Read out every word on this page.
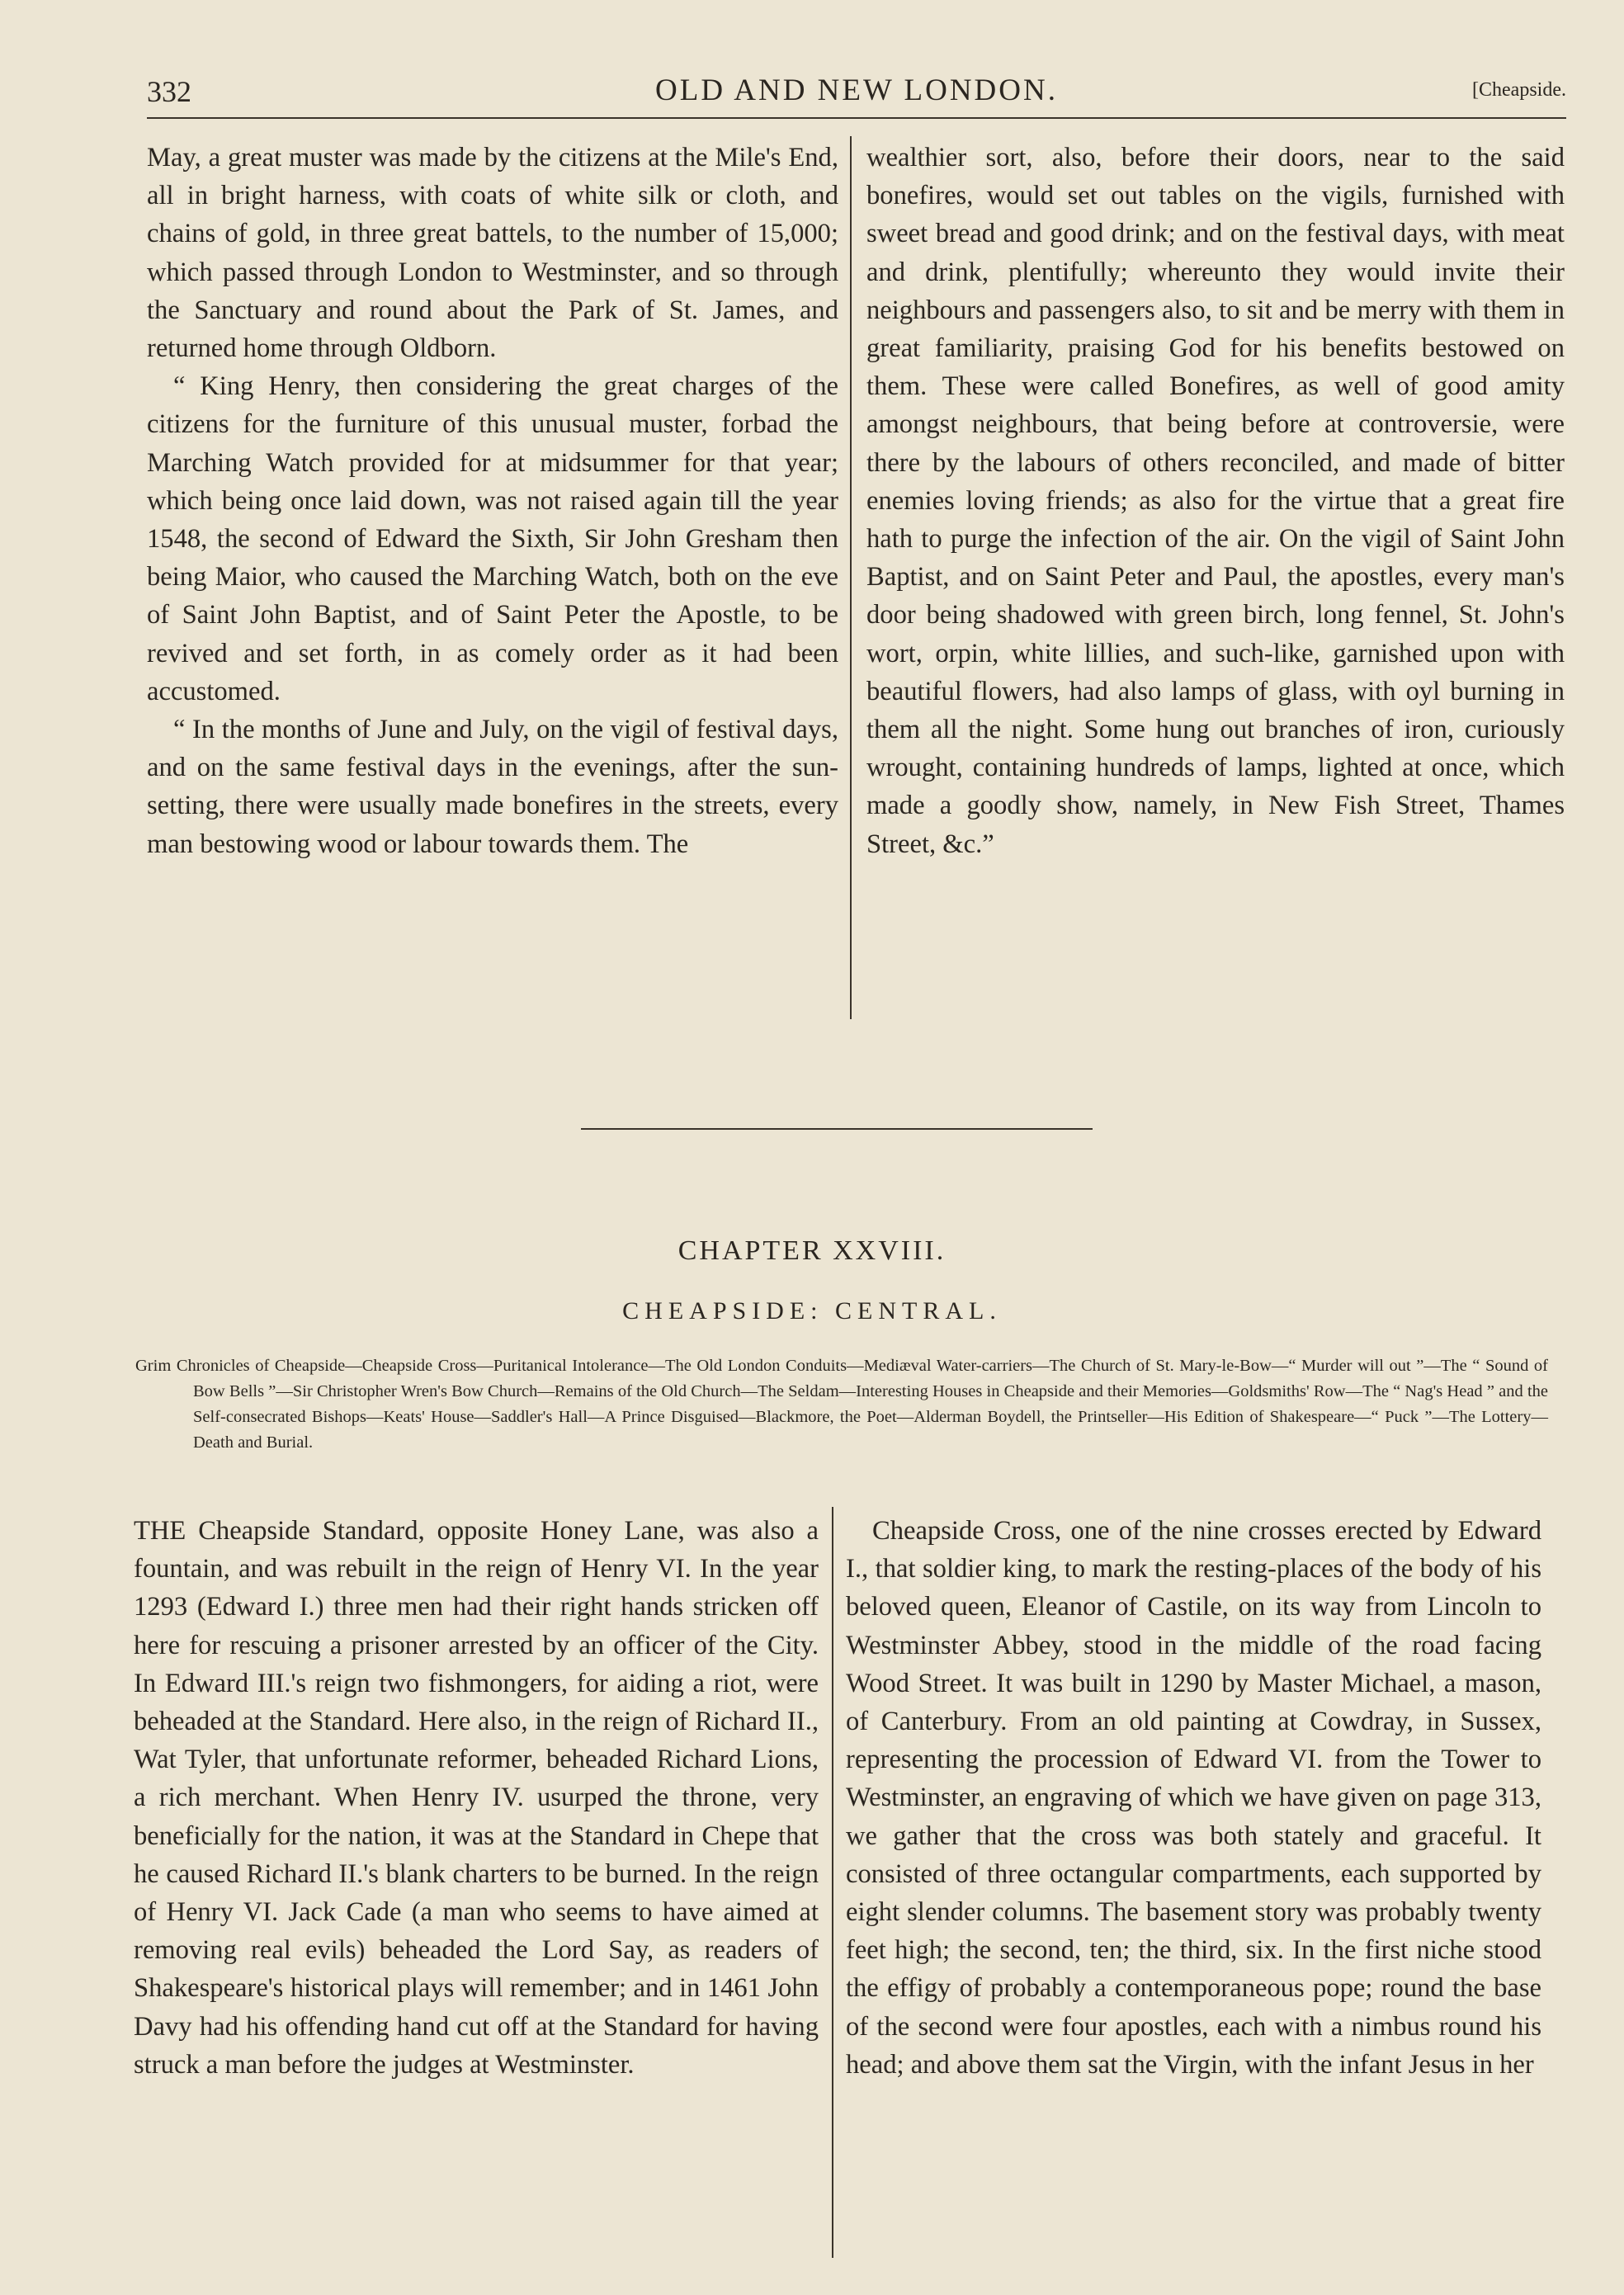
332	OLD AND NEW LONDON.	[Cheapside.

May, a great muster was made by the citizens at the Mile's End, all in bright harness, with coats of white silk or cloth, and chains of gold, in three great battels, to the number of 15,000; which passed through London to Westminster, and so through the Sanctuary and round about the Park of St. James, and returned home through Oldborn.

“ King Henry, then considering the great charges of the citizens for the furniture of this unusual muster, forbad the Marching Watch provided for at midsummer for that year; which being once laid down, was not raised again till the year 1548, the second of Edward the Sixth, Sir John Gresham then being Maior, who caused the Marching Watch, both on the eve of Saint John Baptist, and of Saint Peter the Apostle, to be revived and set forth, in as comely order as it had been accustomed.

“ In the months of June and July, on the vigil of festival days, and on the same festival days in the evenings, after the sun-setting, there were usually made bonefires in the streets, every man bestowing wood or labour towards them. The

wealthier sort, also, before their doors, near to the said bonefires, would set out tables on the vigils, furnished with sweet bread and good drink; and on the festival days, with meat and drink, plentifully; whereunto they would invite their neighbours and passengers also, to sit and be merry with them in great familiarity, praising God for his benefits bestowed on them. These were called Bonefires, as well of good amity amongst neighbours, that being before at controversie, were there by the labours of others reconciled, and made of bitter enemies loving friends; as also for the virtue that a great fire hath to purge the infection of the air. On the vigil of Saint John Baptist, and on Saint Peter and Paul, the apostles, every man's door being shadowed with green birch, long fennel, St. John's wort, orpin, white lillies, and such-like, garnished upon with beautiful flowers, had also lamps of glass, with oyl burning in them all the night. Some hung out branches of iron, curiously wrought, containing hundreds of lamps, lighted at once, which made a goodly show, namely, in New Fish Street, Thames Street, &c.”

CHAPTER XXVIII.
CHEAPSIDE: CENTRAL.

Grim Chronicles of Cheapside—Cheapside Cross—Puritanical Intolerance—The Old London Conduits—Mediæval Water-carriers—The Church of St. Mary-le-Bow—“ Murder will out ”—The “ Sound of Bow Bells ”—Sir Christopher Wren's Bow Church—Remains of the Old Church—The Seldam—Interesting Houses in Cheapside and their Memories—Goldsmiths' Row—The “ Nag's Head ” and the Self-consecrated Bishops—Keats' House—Saddler's Hall—A Prince Disguised—Blackmore, the Poet—Alderman Boydell, the Printseller—His Edition of Shakespeare—“ Puck ”—The Lottery—Death and Burial.

THE Cheapside Standard, opposite Honey Lane, was also a fountain, and was rebuilt in the reign of Henry VI. In the year 1293 (Edward I.) three men had their right hands stricken off here for rescuing a prisoner arrested by an officer of the City. In Edward III.'s reign two fishmongers, for aiding a riot, were beheaded at the Standard. Here also, in the reign of Richard II., Wat Tyler, that unfortunate reformer, beheaded Richard Lions, a rich merchant. When Henry IV. usurped the throne, very beneficially for the nation, it was at the Standard in Chepe that he caused Richard II.'s blank charters to be burned. In the reign of Henry VI. Jack Cade (a man who seems to have aimed at removing real evils) beheaded the Lord Say, as readers of Shakespeare's historical plays will remember; and in 1461 John Davy had his offending hand cut off at the Standard for having struck a man before the judges at Westminster.

Cheapside Cross, one of the nine crosses erected by Edward I., that soldier king, to mark the resting-places of the body of his beloved queen, Eleanor of Castile, on its way from Lincoln to Westminster Abbey, stood in the middle of the road facing Wood Street. It was built in 1290 by Master Michael, a mason, of Canterbury. From an old painting at Cowdray, in Sussex, representing the procession of Edward VI. from the Tower to Westminster, an engraving of which we have given on page 313, we gather that the cross was both stately and graceful. It consisted of three octangular compartments, each supported by eight slender columns. The basement story was probably twenty feet high; the second, ten; the third, six. In the first niche stood the effigy of probably a contemporaneous pope; round the base of the second were four apostles, each with a nimbus round his head; and above them sat the Virgin, with the infant Jesus in her
